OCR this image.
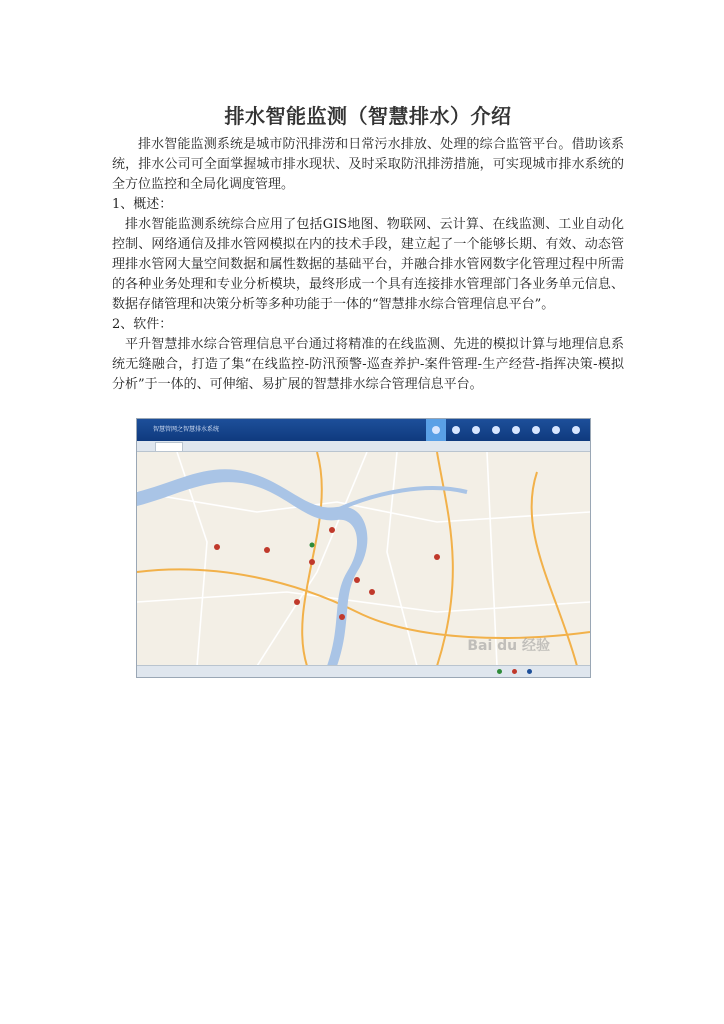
排水智能监测（智慧排水）介绍

排水智能监测系统是城市防汛排涝和日常污水排放、处理的综合监管平台。借助该系统，排水公司可全面掌握城市排水现状、及时采取防汛排涝措施，可实现城市排水系统的全方位监控和全局化调度管理。

1、概述：

排水智能监测系统综合应用了包括GIS地图、物联网、云计算、在线监测、工业自动化控制、网络通信及排水管网模拟在内的技术手段，建立起了一个能够长期、有效、动态管理排水管网大量空间数据和属性数据的基础平台，并融合排水管网数字化管理过程中所需的各种业务处理和专业分析模块，最终形成一个具有连接排水管理部门各业务单元信息、数据存储管理和决策分析等多种功能于一体的“智慧排水综合管理信息平台”。

2、软件：

平升智慧排水综合管理信息平台通过将精准的在线监测、先进的模拟计算与地理信息系统无缝融合，打造了集“在线监控-防汛预警-巡查养护-案件管理-生产经营-指挥决策-模拟分析”于一体的、可伸缩、易扩展的智慧排水综合管理信息平台。

智慧管网之智慧排水系统
Bai du 经验
